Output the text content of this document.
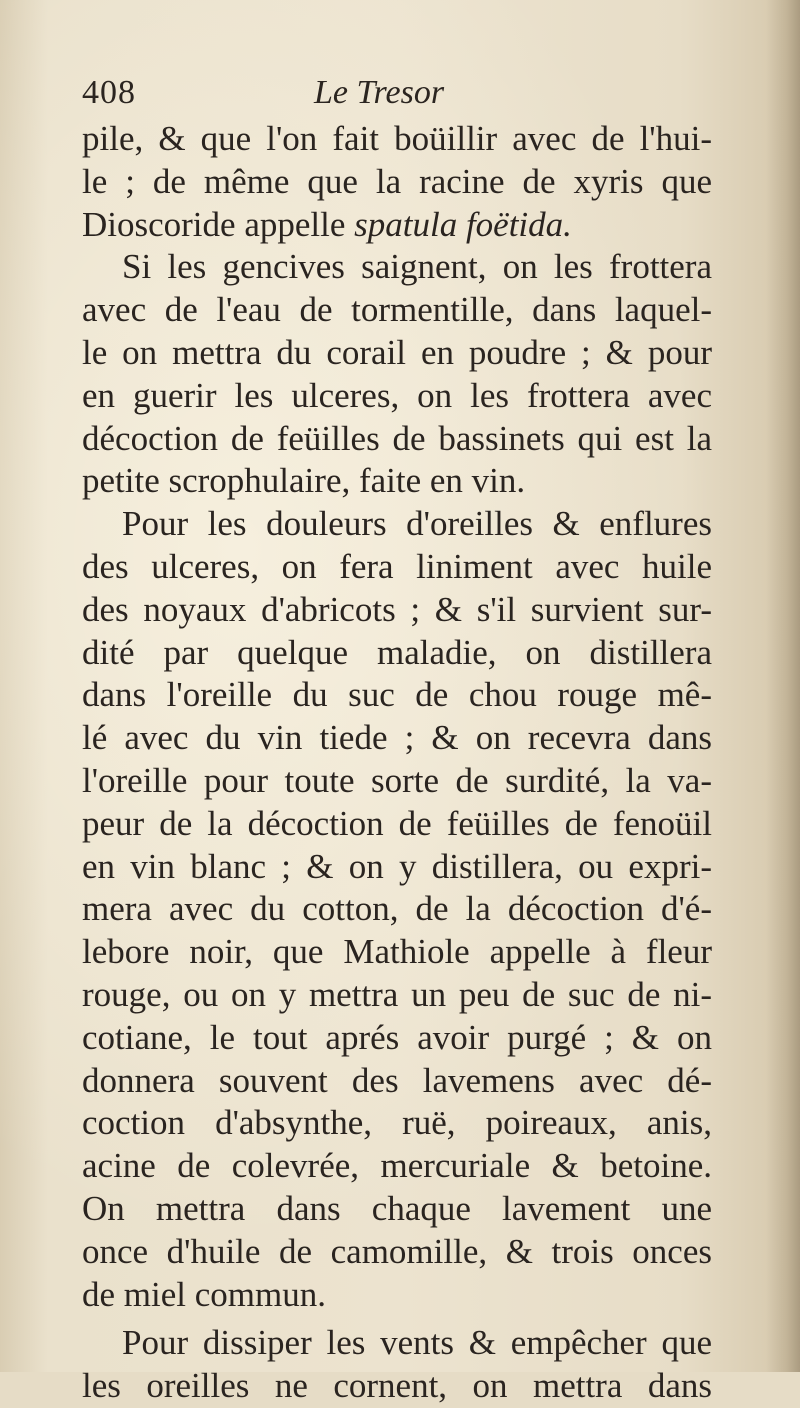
408	Le Tresor
pile, & que l'on fait boüillir avec de l'hui-
le ; de même que la racine de xyris que
Dioscoride appelle spatula foëtida.
Si les gencives saignent, on les frottera
avec de l'eau de tormentille, dans laquel-
le on mettra du corail en poudre ; & pour
en guerir les ulceres, on les frottera avec
décoction de feüilles de bassinets qui est la
petite scrophulaire, faite en vin.
Pour les douleurs d'oreilles & enflures
des ulceres, on fera liniment avec huile
des noyaux d'abricots ; & s'il survient sur-
dité par quelque maladie, on distillera
dans l'oreille du suc de chou rouge mê-
lé avec du vin tiede ; & on recevra dans
l'oreille pour toute sorte de surdité, la va-
peur de la décoction de feüilles de fenoüil
en vin blanc ; & on y distillera, ou expri-
mera avec du cotton, de la décoction d'é-
lebore noir, que Mathiole appelle à fleur
rouge, ou on y mettra un peu de suc de ni-
cotiane, le tout aprés avoir purgé ; & on
donnera souvent des lavemens avec dé-
coction d'absynthe, ruë, poireaux, anis,
acine de colevrée, mercuriale & betoine.
On mettra dans chaque lavement une
once d'huile de camomille, & trois onces
de miel commun.
Pour dissiper les vents & empêcher que
les oreilles ne cornent, on mettra dans
